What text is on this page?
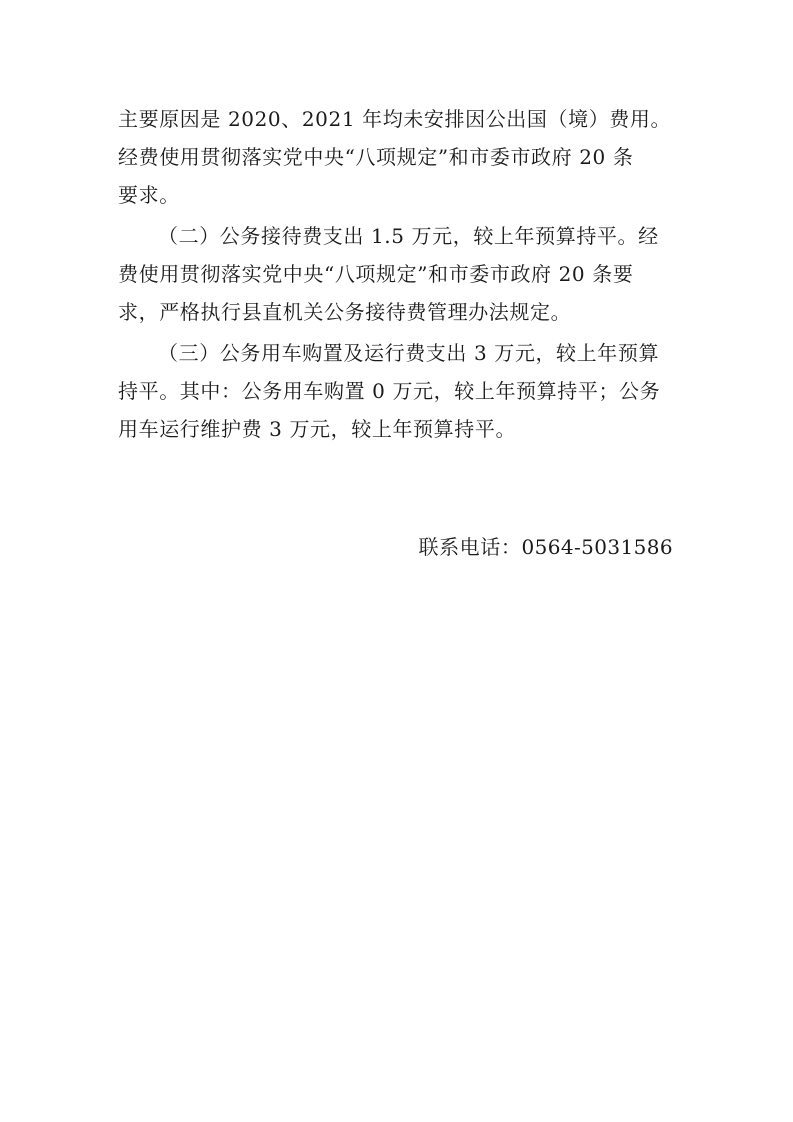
主要原因是 2020、2021 年均未安排因公出国（境）费用。
经费使用贯彻落实党中央“八项规定”和市委市政府 20 条
要求。
（二）公务接待费支出 1.5 万元，较上年预算持平。经
费使用贯彻落实党中央“八项规定”和市委市政府 20 条要
求，严格执行县直机关公务接待费管理办法规定。
（三）公务用车购置及运行费支出 3 万元，较上年预算
持平。其中：公务用车购置 0 万元，较上年预算持平；公务
用车运行维护费 3 万元，较上年预算持平。
联系电话：0564-5031586
